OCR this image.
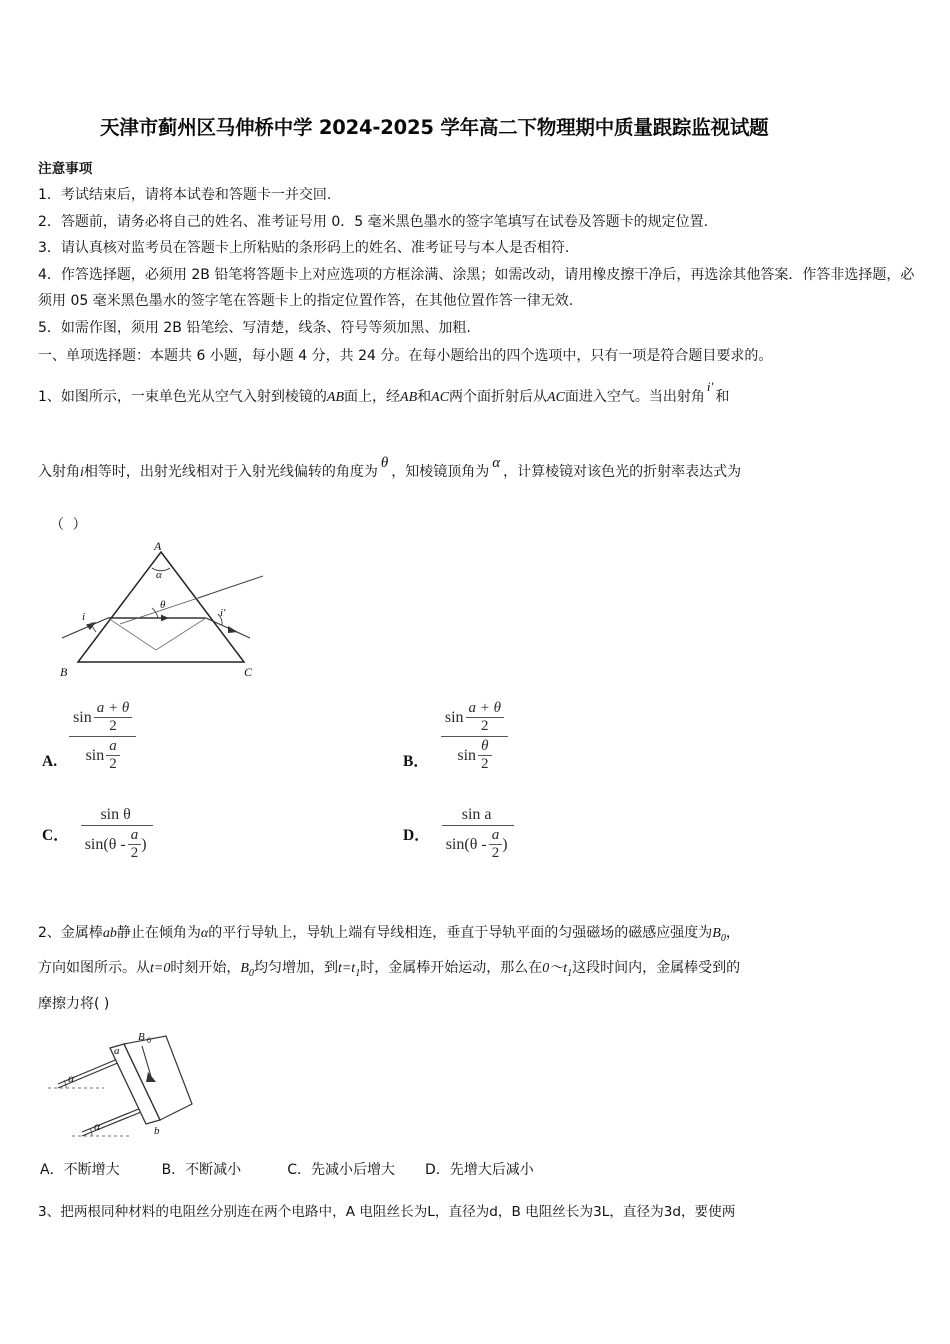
天津市蓟州区马伸桥中学 2024-2025 学年高二下物理期中质量跟踪监视试题
注意事项
1．考试结束后，请将本试卷和答题卡一并交回.
2．答题前，请务必将自己的姓名、准考证号用 0．5 毫米黑色墨水的签字笔填写在试卷及答题卡的规定位置.
3．请认真核对监考员在答题卡上所粘贴的条形码上的姓名、准考证号与本人是否相符.
4．作答选择题，必须用 2B 铅笔将答题卡上对应选项的方框涂满、涂黑；如需改动，请用橡皮擦干净后，再选涂其他答案．作答非选择题，必须用 05 毫米黑色墨水的签字笔在答题卡上的指定位置作答，在其他位置作答一律无效.
5．如需作图，须用 2B 铅笔绘、写清楚，线条、符号等须加黑、加粗.
一、单项选择题：本题共 6 小题，每小题 4 分，共 24 分。在每小题给出的四个选项中，只有一项是符合题目要求的。
1、如图所示，一束单色光从空气入射到棱镜的AB面上，经AB和AC两个面折射后从AC面进入空气。当出射角i′和
入射角i相等时，出射光线相对于入射光线偏转的角度为θ，知棱镜顶角为α，计算棱镜对该色光的折射率表达式为
（ ）
A
α
B	C
i
θ
i'
A.
$\sin \frac{a + \theta}{2}$
$\sin \frac{a}{2}$	B．
$\sin \frac{a + \theta}{2}$
$\sin \frac{\theta}{2}$
C．
sin θ
$\sin(\theta - \frac{a}{2}$ )	D．
sin a
$\sin(\theta - \frac{a}{2}$ )
2、金属棒ab静止在倾角为α的平行导轨上，导轨上端有导线相连，垂直于导轨平面的匀强磁场的磁感应强度为$B_0$，
方向如图所示。从t=0时刻开始，$B_0$均匀增加，到$t=t_1$时，金属棒开始运动，那么在$0\sim t_1$这段时间内，金属棒受到的
摩擦力将( )
a
b
B 0
α
α
A．不断增大	B．不断减小	C．先减小后增大 D．先增大后减小
3、把两根同种材料的电阻丝分别连在两个电路中，A 电阻丝长为L，直径为d，B 电阻丝长为3L，直径为3d，要使两
